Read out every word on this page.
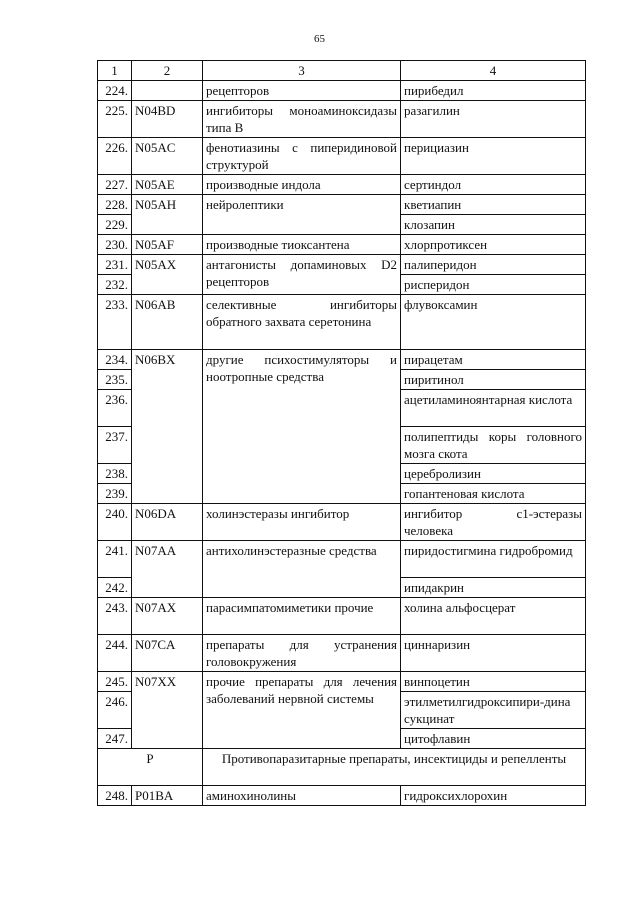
65
1	2	3	4
224.		рецепторов	пирибедил
225.	N04BD	ингибиторы моноаминоксидазы типа B	разагилин
226.	N05AC	фенотиазины с пиперидиновой структурой	перициазин
227.	N05AE	производные индола	сертиндол
228.	N05AH	нейролептики	кветиапин
229.			клозапин
230.	N05AF	производные тиоксантена	хлорпротиксен
231.	N05AX	антагонисты допаминовых D2 рецепторов	палиперидон
232.			рисперидон
233.	N06AB	селективные ингибиторы обратного захвата серетонина	флувоксамин
234.	N06BX	другие психостимуляторы и ноотропные средства	пирацетам
235.			пиритинол
236.			ацетиламиноянтарная кислота
237.			полипептиды коры головного мозга скота
238.			церебролизин
239.			гопантеновая кислота
240.	N06DA	холинэстеразы ингибитор	ингибитор с1-эстеразы человека
241.	N07AA	антихолинэстеразные средства	пиридостигмина гидробромид
242.			ипидакрин
243.	N07AX	парасимпатомиметики прочие	холина альфосцерат
244.	N07CA	препараты для устранения головокружения	циннаризин
245.	N07XX	прочие препараты для лечения заболеваний нервной системы	винпоцетин
246.			этилметилгидроксипири-дина сукцинат
247.			цитофлавин
P		Противопаразитарные препараты, инсектициды и репелленты	
248.	P01BA	аминохинолины	гидроксихлорохин
